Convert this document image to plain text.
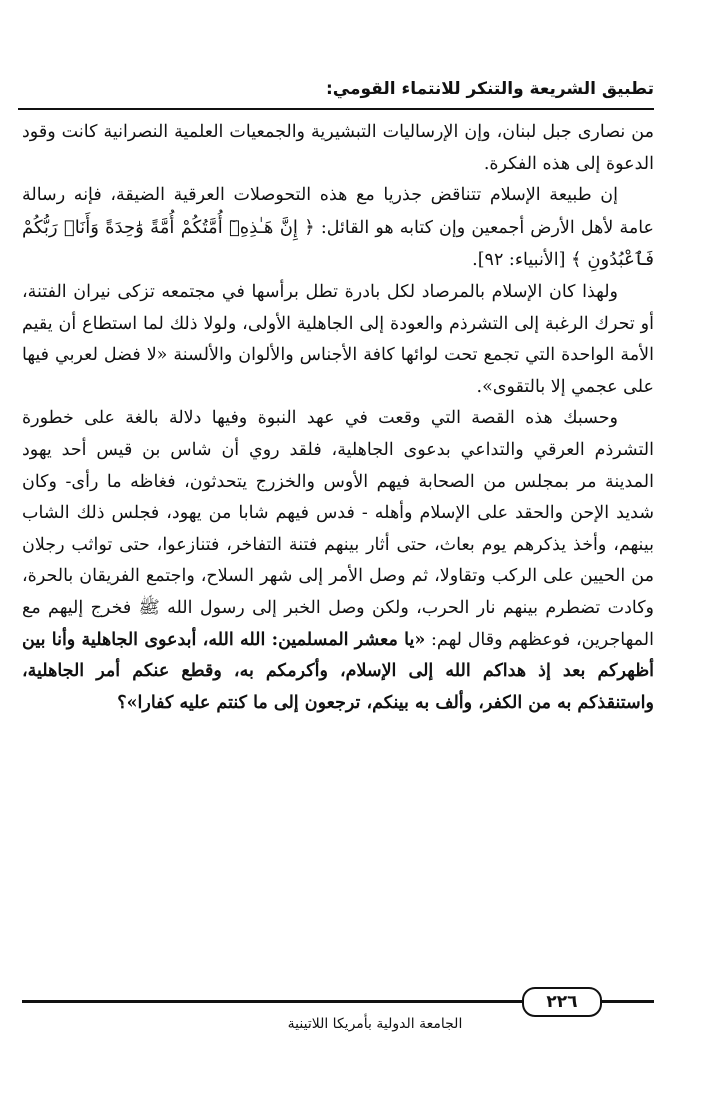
تطبيق الشريعة والتنكر للانتماء القومي:

من نصارى جبل لبنان، وإن الإرساليات التبشيرية والجمعيات العلمية النصرانية كانت وقود الدعوة إلى هذه الفكرة.

إن طبيعة الإسلام تتناقض جذريا مع هذه التحوصلات العرقية الضيقة، فإنه رسالة عامة لأهل الأرض أجمعين وإن كتابه هو القائل: ﴿ إِنَّ هَـٰذِهِۦٓ أُمَّتُكُمْ أُمَّةً وَٰحِدَةً وَأَنَا۠ رَبُّكُمْ فَٱعْبُدُونِ ﴾ [الأنبياء: ٩٢].

ولهذا كان الإسلام بالمرصاد لكل بادرة تطل برأسها في مجتمعه تزكى نيران الفتنة، أو تحرك الرغبة إلى التشرذم والعودة إلى الجاهلية الأولى، ولولا ذلك لما استطاع أن يقيم الأمة الواحدة التي تجمع تحت لوائها كافة الأجناس والألوان والألسنة «لا فضل لعربي فيها على عجمي إلا بالتقوى».

وحسبك هذه القصة التي وقعت في عهد النبوة وفيها دلالة بالغة على خطورة التشرذم العرقي والتداعي بدعوى الجاهلية، فلقد روي أن شاس بن قيس أحد يهود المدينة مر بمجلس من الصحابة فيهم الأوس والخزرج يتحدثون، فغاظه ما رأى- وكان شديد الإحن والحقد على الإسلام وأهله - فدس فيهم شابا من يهود، فجلس ذلك الشاب بينهم، وأخذ يذكرهم يوم بعاث، حتى أثار بينهم فتنة التفاخر، فتنازعوا، حتى تواثب رجلان من الحيين على الركب وتقاولا، ثم وصل الأمر إلى شهر السلاح، واجتمع الفريقان بالحرة، وكادت تضطرم بينهم نار الحرب، ولكن وصل الخبر إلى رسول الله ﷺ فخرج إليهم مع المهاجرين، فوعظهم وقال لهم: «يا معشر المسلمين: الله الله، أبدعوى الجاهلية وأنا بين أظهركم بعد إذ هداكم الله إلى الإسلام، وأكرمكم به، وقطع عنكم أمر الجاهلية، واستنقذكم به من الكفر، وألف به بينكم، ترجعون إلى ما كنتم عليه كفارا»؟

٢٢٦
الجامعة الدولية بأمريكا اللاتينية
